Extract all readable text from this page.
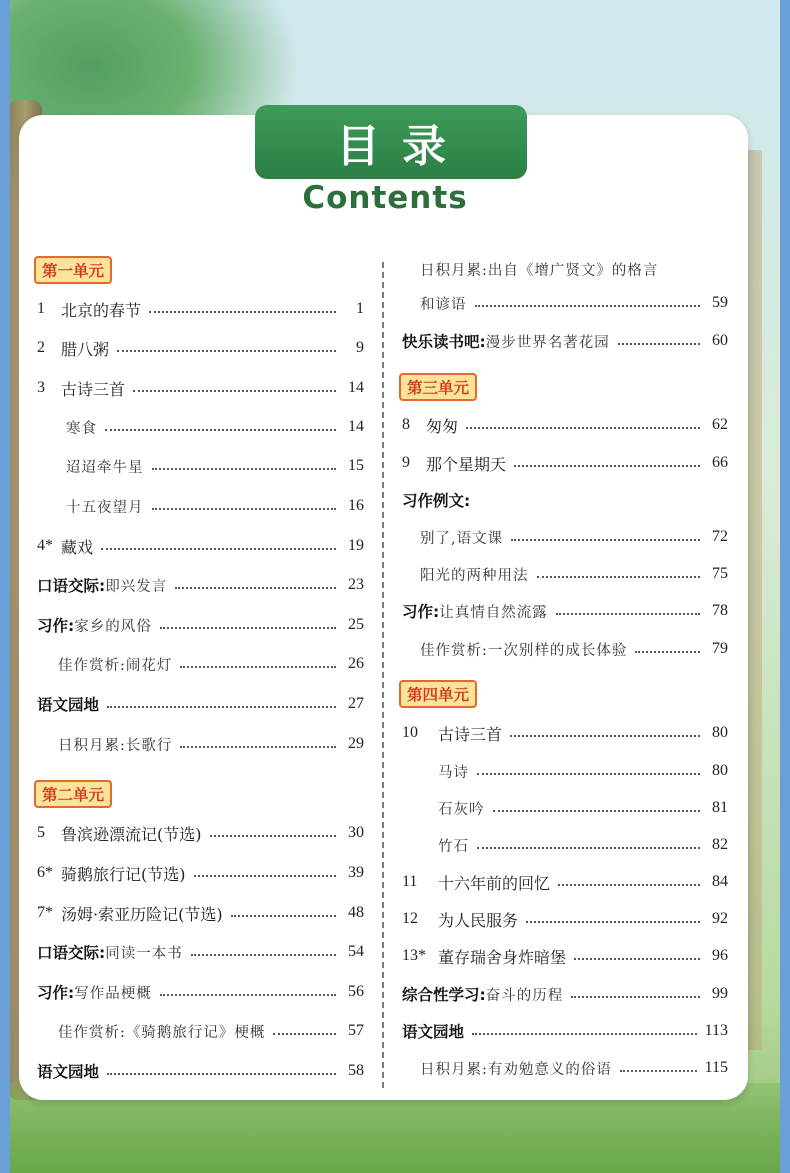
目录
Contents
第一单元
1	北京的春节	1
2	腊八粥	9
3	古诗三首	14
寒食	14
迢迢牵牛星	15
十五夜望月	16
4* 藏戏	19
口语交际: 即兴发言	23
习作: 家乡的风俗	25
佳作赏析:闹花灯	26
语文园地	27
日积月累:长歌行	29
第二单元
5	鲁滨逊漂流记(节选)	30
6* 骑鹅旅行记(节选)	39
7* 汤姆·索亚历险记(节选)	48
口语交际: 同读一本书	54
习作: 写作品梗概	56
佳作赏析:《骑鹅旅行记》梗概	57
语文园地	58
日积月累:出自《增广贤文》的格言
和谚语	59
快乐读书吧: 漫步世界名著花园	60
第三单元
8	匆匆	62
9	那个星期天	66
习作例文:
别了,语文课	72
阳光的两种用法	75
习作: 让真情自然流露	78
佳作赏析:一次别样的成长体验	79
第四单元
10	古诗三首	80
马诗	80
石灰吟	81
竹石	82
11	十六年前的回忆	84
12	为人民服务	92
13* 董存瑞舍身炸暗堡	96
综合性学习: 奋斗的历程	99
语文园地	113
日积月累:有劝勉意义的俗语	115
